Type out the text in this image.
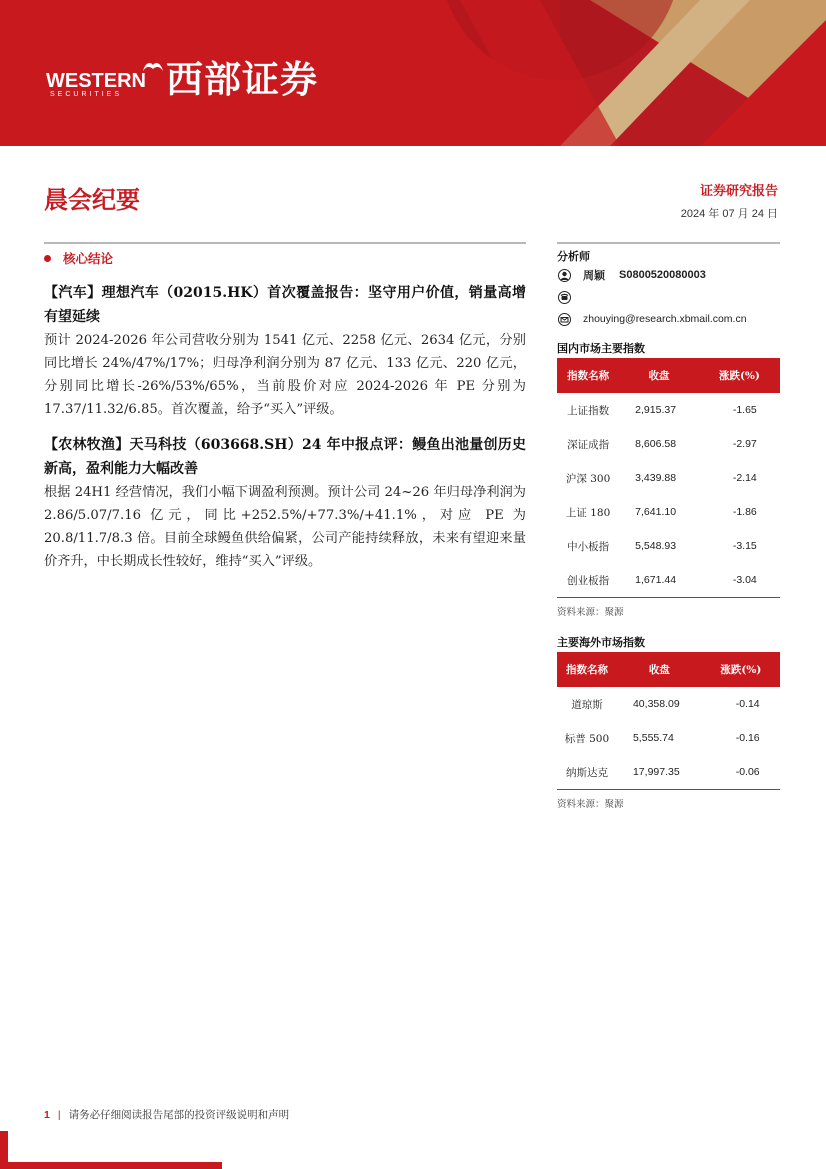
WESTERN
SECURITIES 西部证券
晨会纪要	证券研究报告
2024 年 07 月 24 日
核心结论
【汽车】理想汽车（02015.HK）首次覆盖报告：坚守用户价值，销量高增有望延续
预计 2024-2026 年公司营收分别为 1541 亿元、2258 亿元、2634 亿元，分别同比增长 24%/47%/17%；归母净利润分别为 87 亿元、133 亿元、220 亿元，分别同比增长-26%/53%/65%，当前股价对应 2024-2026 年 PE 分别为 17.37/11.32/6.85。首次覆盖，给予“买入”评级。
【农林牧渔】天马科技（603668.SH）24 年中报点评：鳗鱼出池量创历史新高，盈利能力大幅改善
根据 24H1 经营情况，我们小幅下调盈利预测。预计公司 24~26 年归母净利润为 2.86/5.07/7.16 亿元，同比+252.5%/+77.3%/+41.1%，对应 PE 为 20.8/11.7/8.3 倍。目前全球鳗鱼供给偏紧，公司产能持续释放，未来有望迎来量价齐升，中长期成长性较好，维持“买入”评级。
分析师
周颖 S0800520080003
zhouying@research.xbmail.com.cn
国内市场主要指数
指数名称	收盘	涨跌(%)
上证指数	2,915.37	-1.65
深证成指	8,606.58	-2.97
沪深 300	3,439.88	-2.14
上证 180	7,641.10	-1.86
中小板指	5,548.93	-3.15
创业板指	1,671.44	-3.04
资料来源：聚源
主要海外市场指数
指数名称	收盘	涨跌(%)
道琼斯	40,358.09	-0.14
标普 500	5,555.74	-0.16
纳斯达克	17,997.35	-0.06
资料来源：聚源
1 | 请务必仔细阅读报告尾部的投资评级说明和声明
